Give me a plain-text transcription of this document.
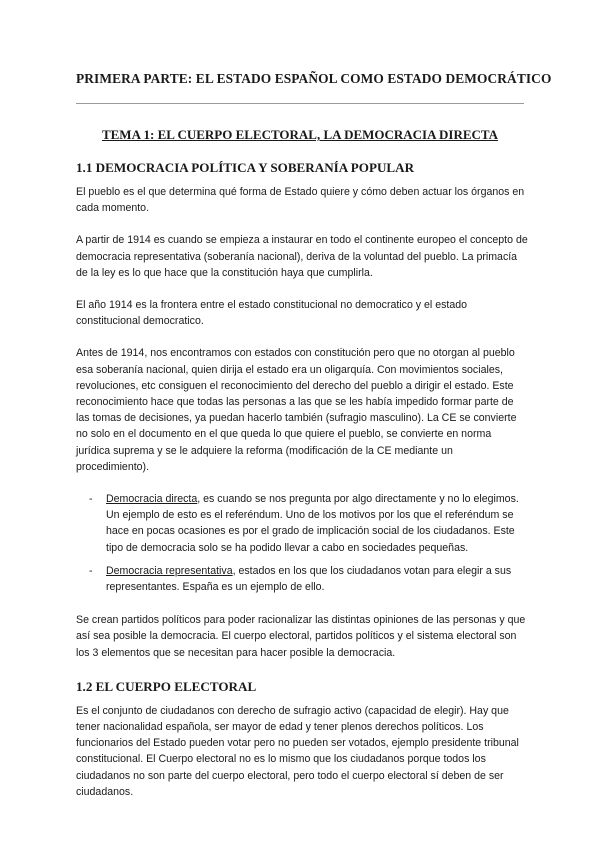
PRIMERA PARTE: EL ESTADO ESPAÑOL COMO ESTADO DEMOCRÁTICO
TEMA 1: EL CUERPO ELECTORAL, LA DEMOCRACIA DIRECTA
1.1 DEMOCRACIA POLÍTICA Y SOBERANÍA POPULAR

El pueblo es el que determina qué forma de Estado quiere y cómo deben actuar los órganos en cada momento.

A partir de 1914 es cuando se empieza a instaurar en todo el continente europeo el concepto de democracia representativa (soberanía nacional), deriva de la voluntad del pueblo. La primacía de la ley es lo que hace que la constitución haya que cumplirla.

El año 1914 es la frontera entre el estado constitucional no democratico y el estado constitucional democratico.

Antes de 1914, nos encontramos con estados con constitución pero que no otorgan al pueblo esa soberanía nacional, quien dirija el estado era un oligarquía. Con movimientos sociales, revoluciones, etc consiguen el reconocimiento del derecho del pueblo a dirigir el estado. Este reconocimiento hace que todas las personas a las que se les había impedido formar parte de las tomas de decisiones, ya puedan hacerlo también (sufragio masculino). La CE se convierte no solo en el documento en el que queda lo que quiere el pueblo, se convierte en norma jurídica suprema y se le adquiere la reforma (modificación de la CE mediante un procedimiento).

- Democracia directa, es cuando se nos pregunta por algo directamente y no lo elegimos. Un ejemplo de esto es el referéndum. Uno de los motivos por los que el referéndum se hace en pocas ocasiones es por el grado de implicación social de los ciudadanos. Este tipo de democracia solo se ha podido llevar a cabo en sociedades pequeñas.
- Democracia representativa, estados en los que los ciudadanos votan para elegir a sus representantes. España es un ejemplo de ello.

Se crean partidos políticos para poder racionalizar las distintas opiniones de las personas y que así sea posible la democracia. El cuerpo electoral, partidos políticos y el sistema electoral son los 3 elementos que se necesitan para hacer posible la democracia.

1.2 EL CUERPO ELECTORAL

Es el conjunto de ciudadanos con derecho de sufragio activo (capacidad de elegir). Hay que tener nacionalidad española, ser mayor de edad y tener plenos derechos políticos. Los funcionarios del Estado pueden votar pero no pueden ser votados, ejemplo presidente tribunal constitucional. El Cuerpo electoral no es lo mismo que los ciudadanos porque todos los ciudadanos no son parte del cuerpo electoral, pero todo el cuerpo electoral sí deben de ser ciudadanos.
